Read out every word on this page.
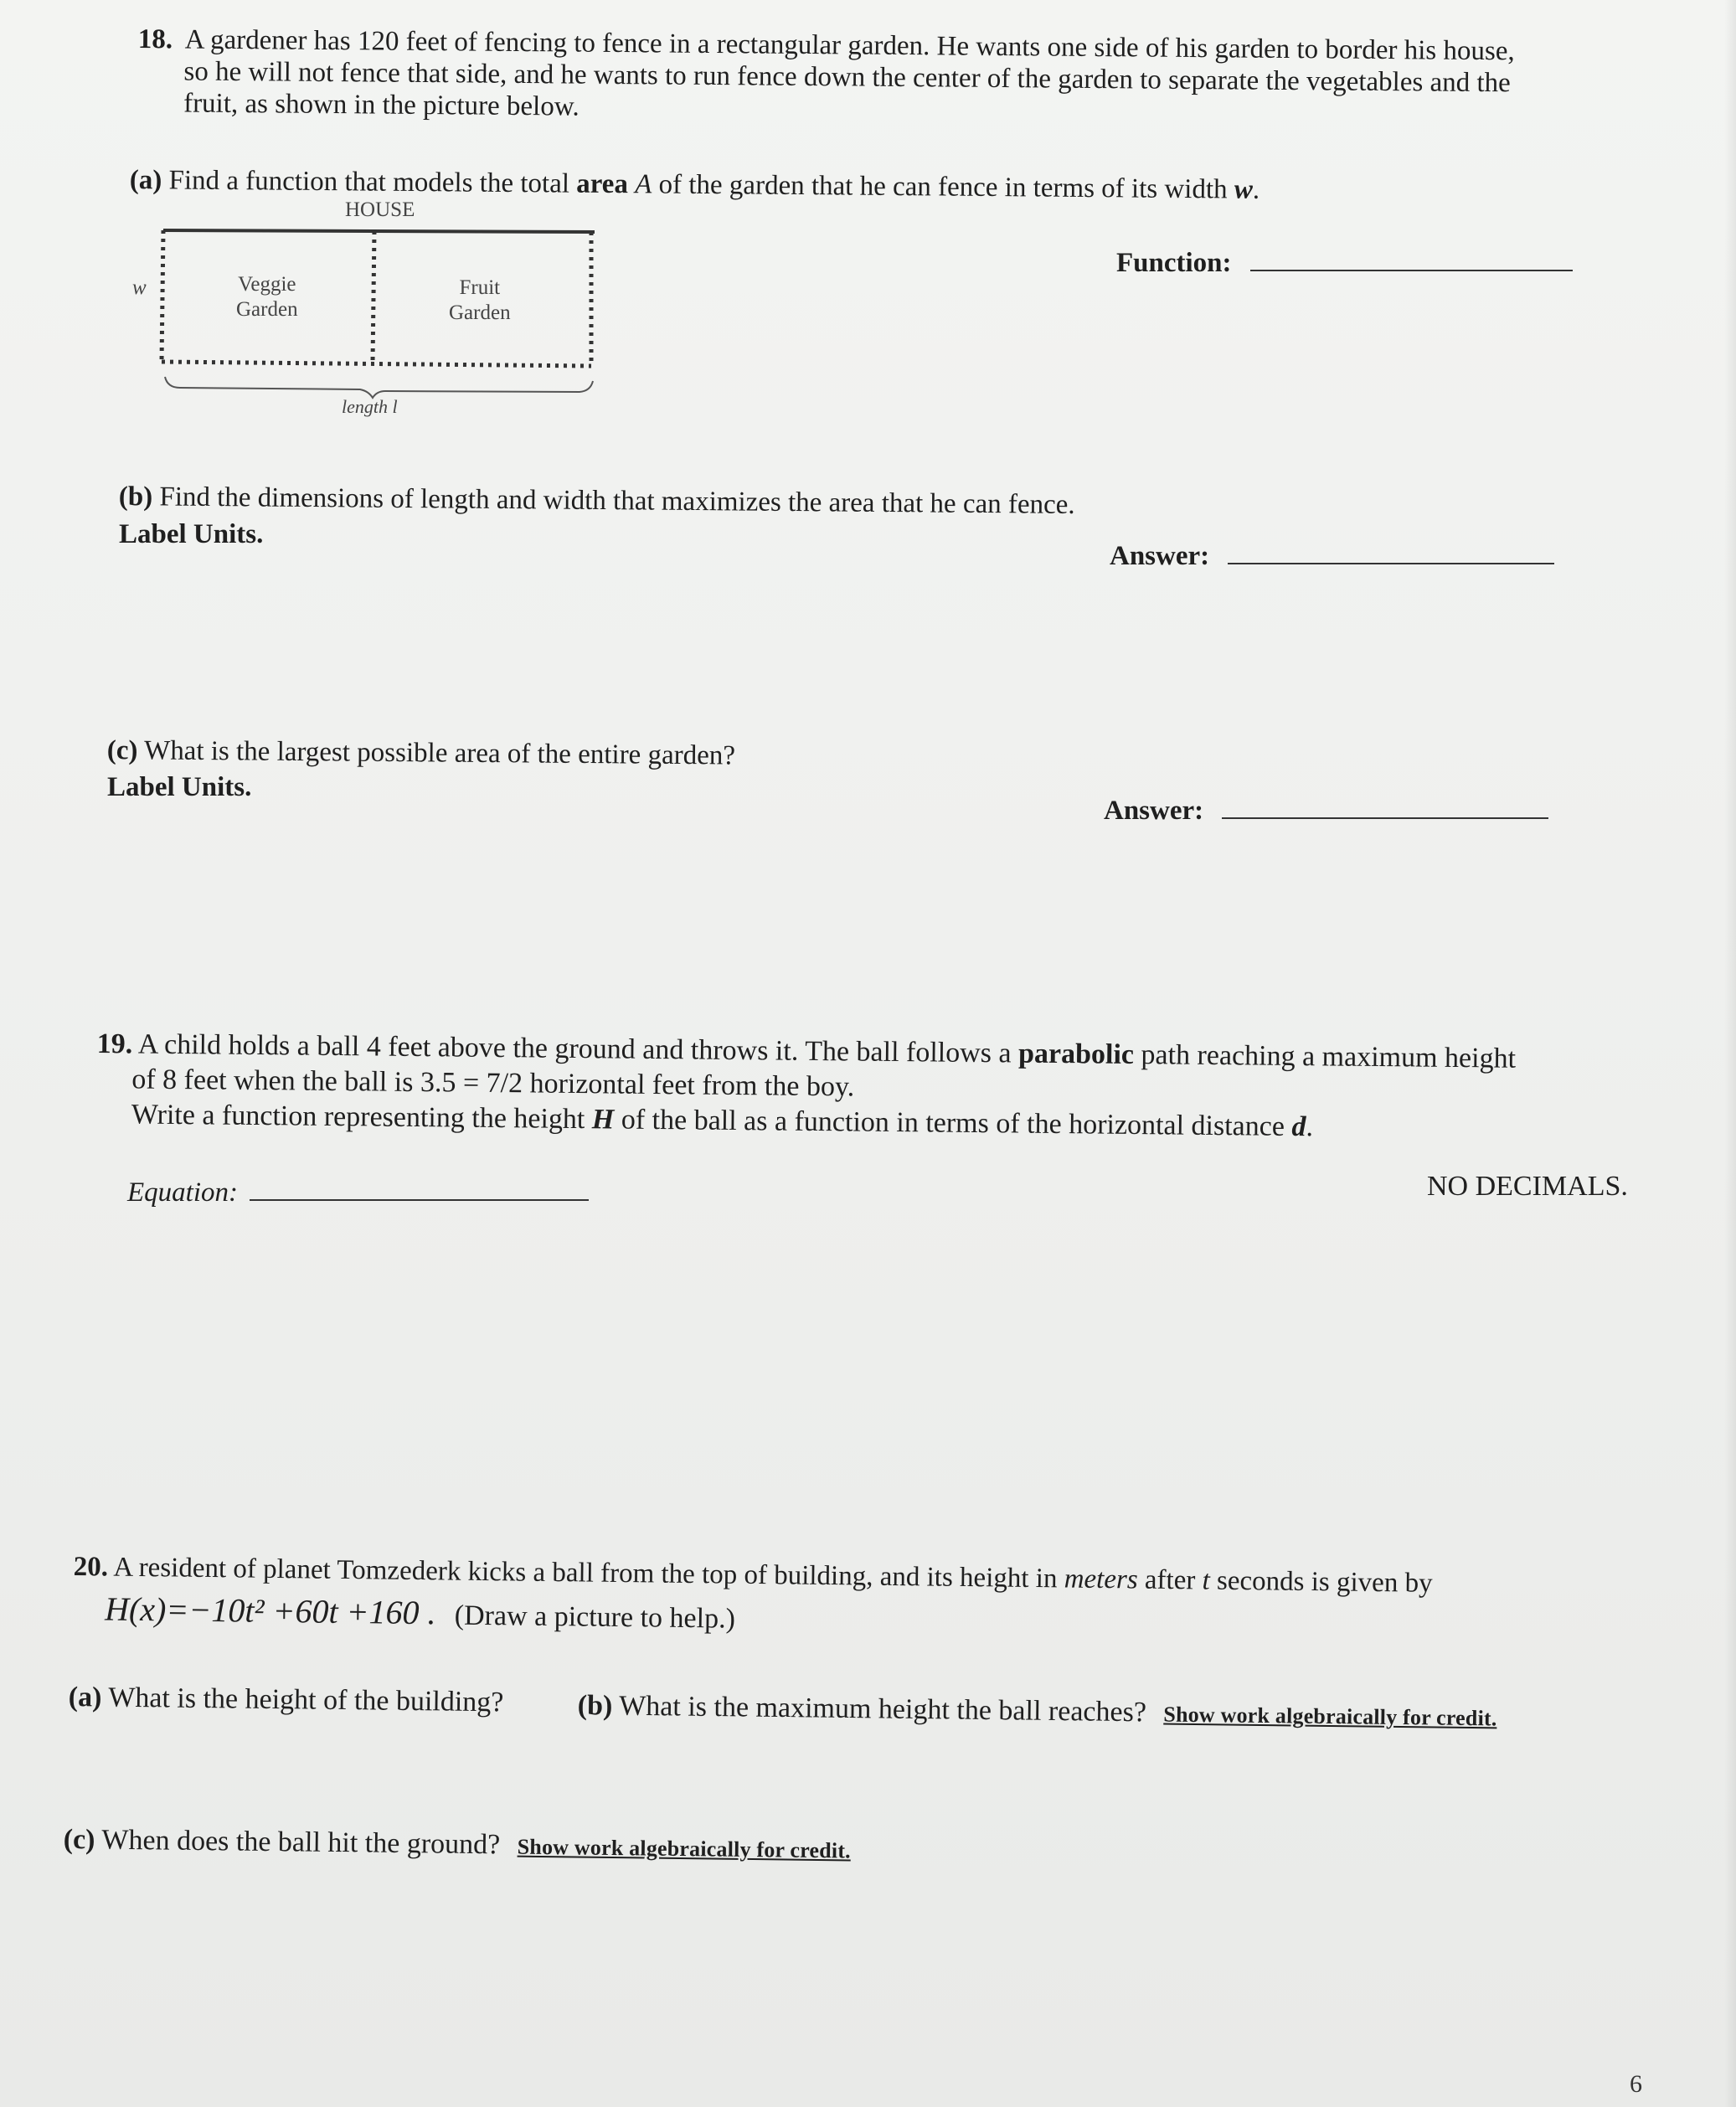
18. A gardener has 120 feet of fencing to fence in a rectangular garden. He wants one side of his garden to border his house,

so he will not fence that side, and he wants to run fence down the center of the garden to separate the vegetables and the

fruit, as shown in the picture below.

(a) Find a function that models the total area A of the garden that he can fence in terms of its width w.
HOUSE
w	Veggie
Garden
Fruit
Garden
length l
Function:
(b) Find the dimensions of length and width that maximizes the area that he can fence.
Label Units.
Answer:
(c) What is the largest possible area of the entire garden?
Label Units.
Answer:

19. A child holds a ball 4 feet above the ground and throws it. The ball follows a parabolic path reaching a maximum height

of 8 feet when the ball is 3.5 = 7/2 horizontal feet from the boy.

Write a function representing the height H of the ball as a function in terms of the horizontal distance d.

Equation:	NO DECIMALS.

20. A resident of planet Tomzederk kicks a ball from the top of building, and its height in meters after t seconds is given by

H(x)=−10t² +60t +160 . (Draw a picture to help.)

(a) What is the height of the building?	(b) What is the maximum height the ball reaches? Show work algebraically for credit.
(c) When does the ball hit the ground? Show work algebraically for credit.
6
